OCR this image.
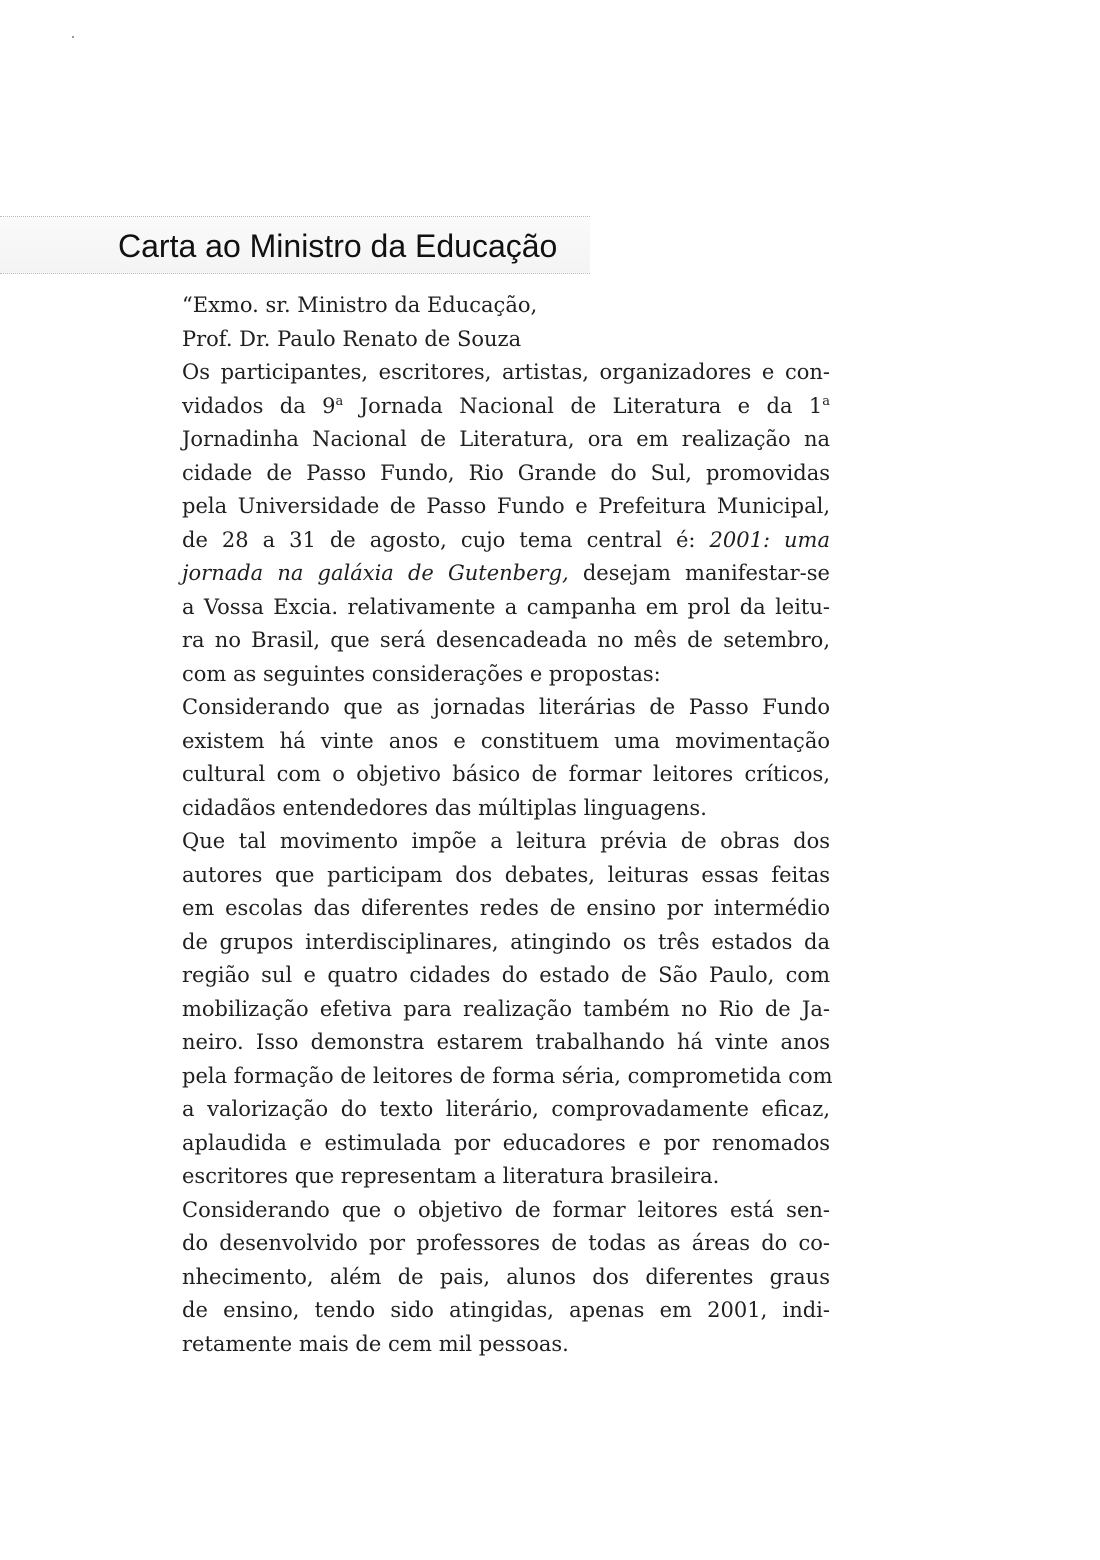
Carta ao Ministro da Educação
“Exmo. sr. Ministro da Educação,
Prof. Dr. Paulo Renato de Souza
Os participantes, escritores, artistas, organizadores e con-
vidados da 9$^a$ Jornada Nacional de Literatura e da 1$^a$
Jornadinha Nacional de Literatura, ora em realização na
cidade de Passo Fundo, Rio Grande do Sul, promovidas
pela Universidade de Passo Fundo e Prefeitura Municipal,
de 28 a 31 de agosto, cujo tema central é: 2001: uma
jornada na galáxia de Gutenberg, desejam manifestar-se
a Vossa Excia. relativamente a campanha em prol da leitu-
ra no Brasil, que será desencadeada no mês de setembro,
com as seguintes considerações e propostas:
Considerando que as jornadas literárias de Passo Fundo
existem há vinte anos e constituem uma movimentação
cultural com o objetivo básico de formar leitores críticos,
cidadãos entendedores das múltiplas linguagens.
Que tal movimento impõe a leitura prévia de obras dos
autores que participam dos debates, leituras essas feitas
em escolas das diferentes redes de ensino por intermédio
de grupos interdisciplinares, atingindo os três estados da
região sul e quatro cidades do estado de São Paulo, com
mobilização efetiva para realização também no Rio de Ja-
neiro. Isso demonstra estarem trabalhando há vinte anos
pela formação de leitores de forma séria, comprometida com
a valorização do texto literário, comprovadamente eficaz,
aplaudida e estimulada por educadores e por renomados
escritores que representam a literatura brasileira.
Considerando que o objetivo de formar leitores está sen-
do desenvolvido por professores de todas as áreas do co-
nhecimento, além de pais, alunos dos diferentes graus
de ensino, tendo sido atingidas, apenas em 2001, indi-
retamente mais de cem mil pessoas.
